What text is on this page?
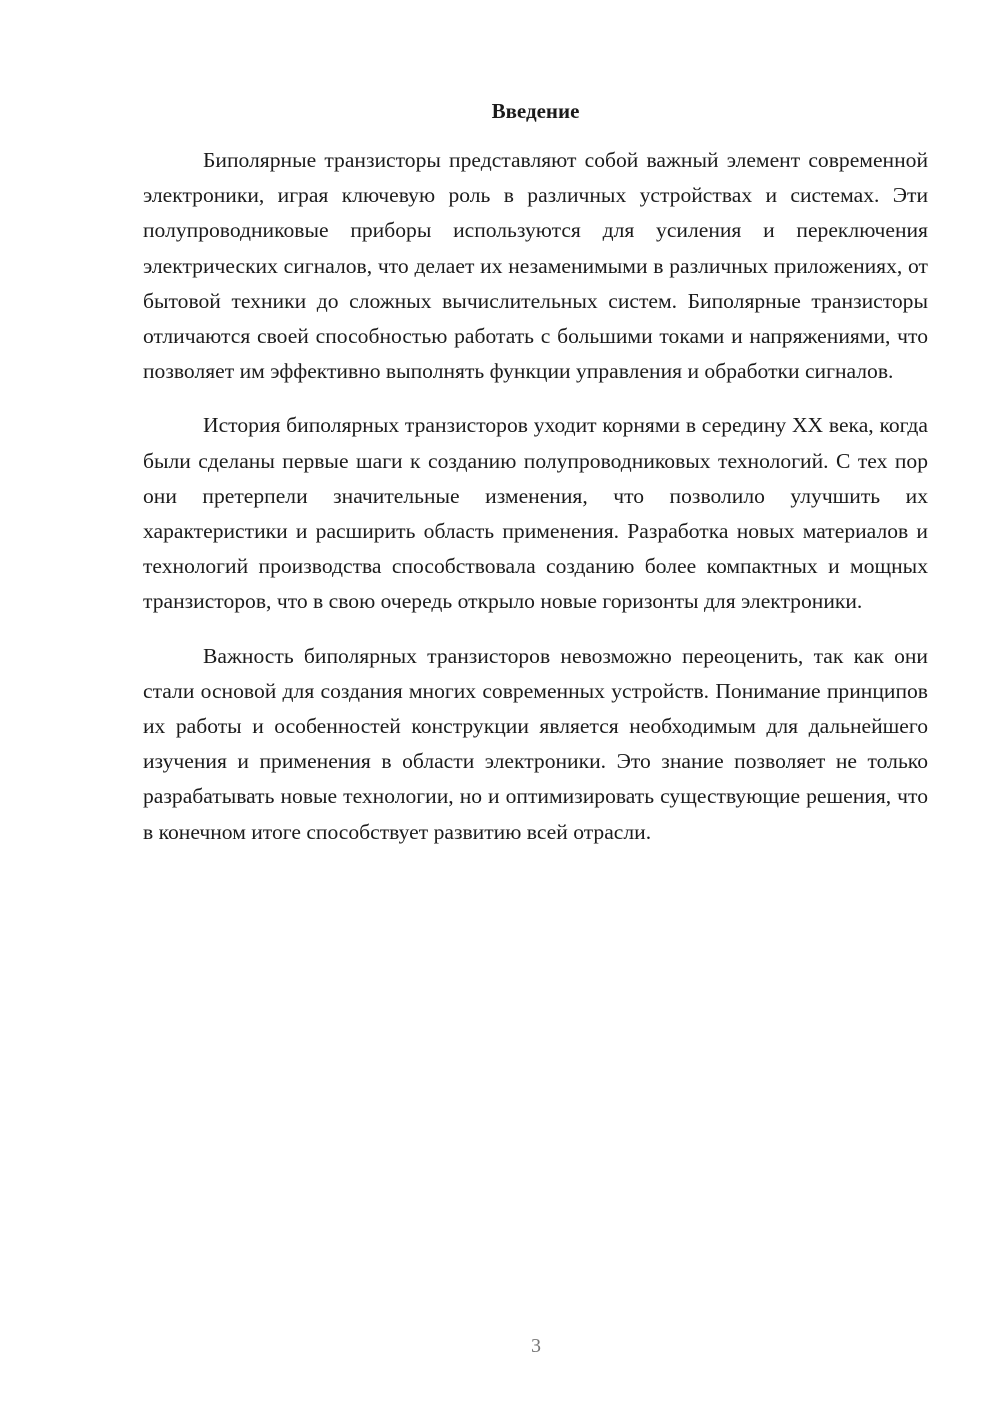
Введение

Биполярные транзисторы представляют собой важный элемент современной электроники, играя ключевую роль в различных устройствах и системах. Эти полупроводниковые приборы используются для усиления и переключения электрических сигналов, что делает их незаменимыми в различных приложениях, от бытовой техники до сложных вычислительных систем. Биполярные транзисторы отличаются своей способностью работать с большими токами и напряжениями, что позволяет им эффективно выполнять функции управления и обработки сигналов.

История биполярных транзисторов уходит корнями в середину XX века, когда были сделаны первые шаги к созданию полупроводниковых технологий. С тех пор они претерпели значительные изменения, что позволило улучшить их характеристики и расширить область применения. Разработка новых материалов и технологий производства способствовала созданию более компактных и мощных транзисторов, что в свою очередь открыло новые горизонты для электроники.

Важность биполярных транзисторов невозможно переоценить, так как они стали основой для создания многих современных устройств. Понимание принципов их работы и особенностей конструкции является необходимым для дальнейшего изучения и применения в области электроники. Это знание позволяет не только разрабатывать новые технологии, но и оптимизировать существующие решения, что в конечном итоге способствует развитию всей отрасли.

3
